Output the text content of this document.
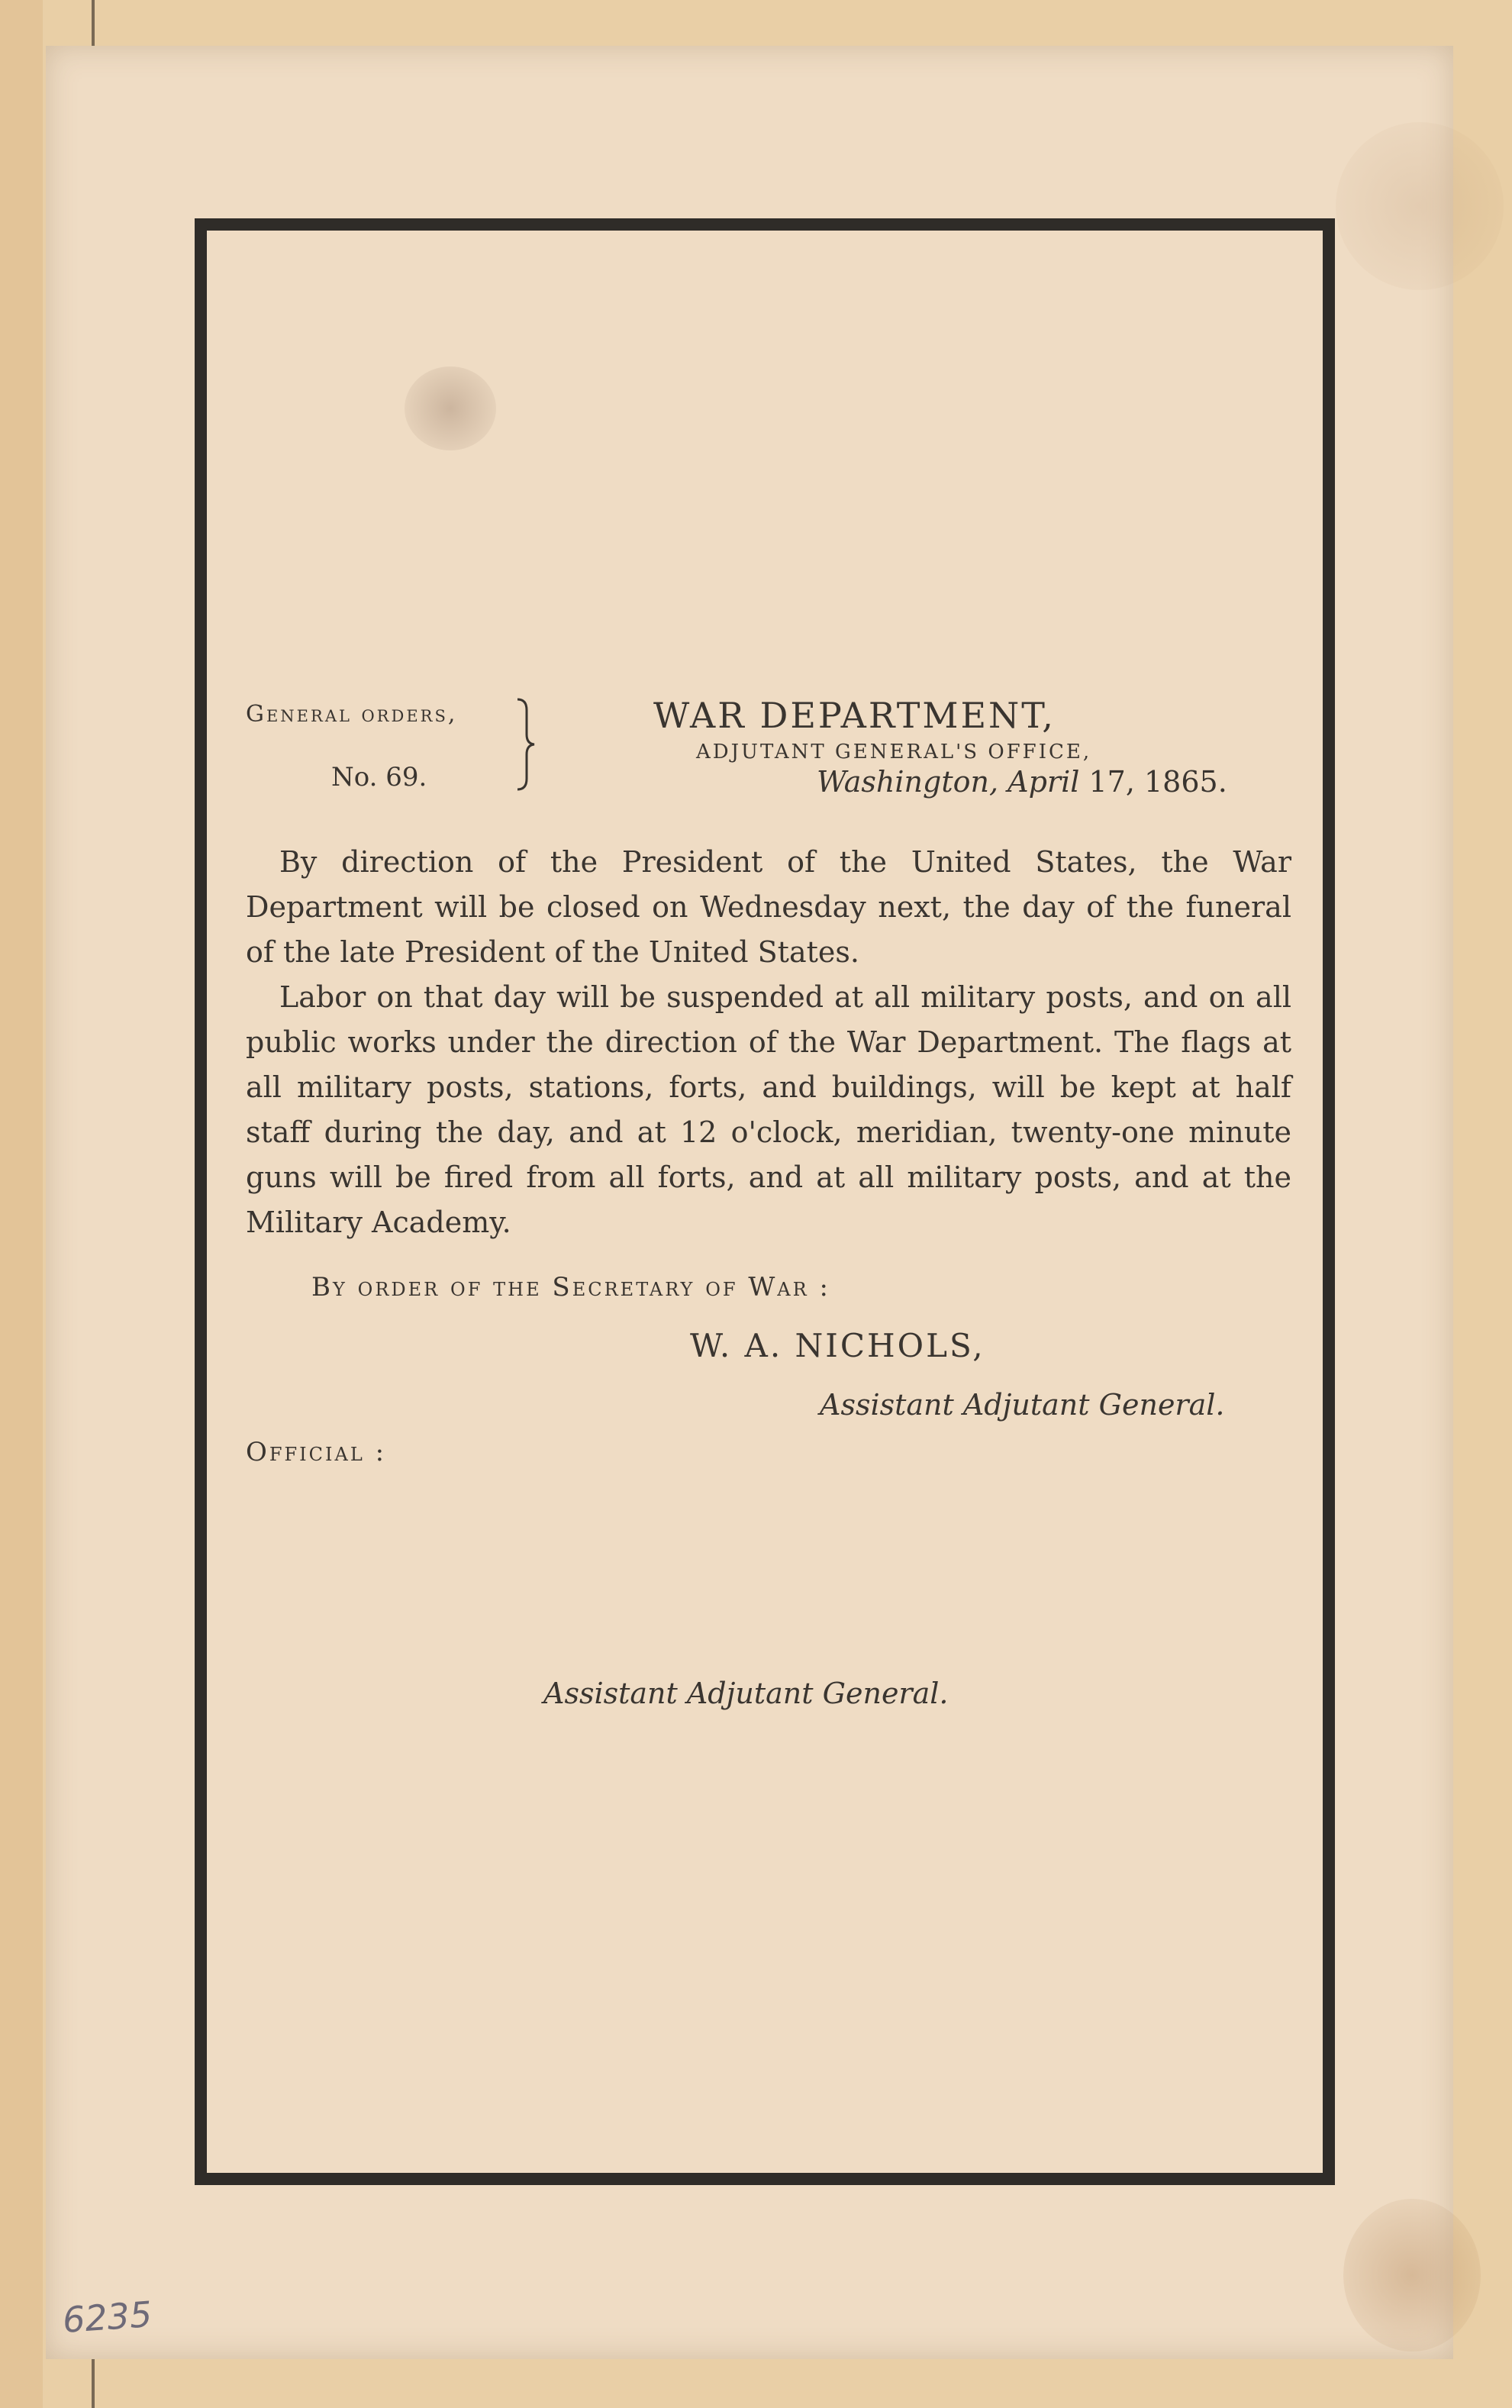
General orders,
No. 69.
WAR DEPARTMENT,
ADJUTANT GENERAL'S OFFICE,
Washington, April 17, 1865.

By direction of the President of the United States, the War Department will be closed on Wednesday next, the day of the funeral of the late President of the United States.

Labor on that day will be suspended at all military posts, and on all public works under the direction of the War Department. The flags at all military posts, stations, forts, and buildings, will be kept at half staff during the day, and at 12 o'clock, meridian, twenty-one minute guns will be fired from all forts, and at all military posts, and at the Military Academy.

By order of the Secretary of War :
W. A. NICHOLS,
Assistant Adjutant General.
Official :
Assistant Adjutant General.
6235
